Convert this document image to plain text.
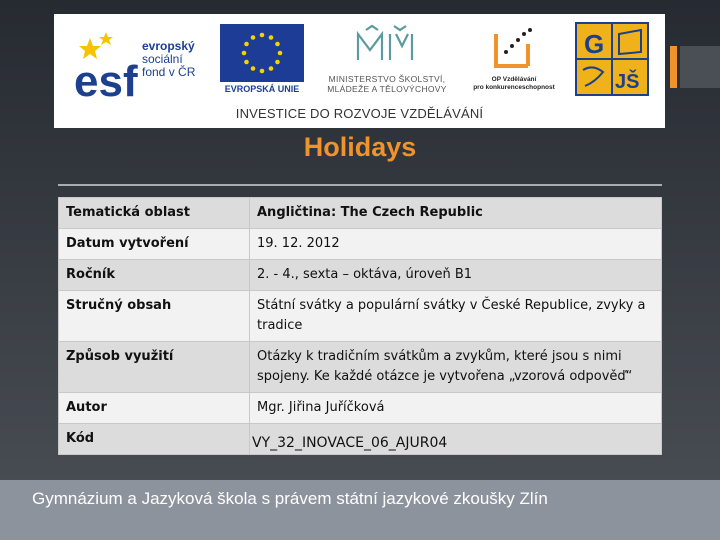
esf
evropský
sociální
fond v ČR
EVROPSKÁ UNIE
MINISTERSTVO ŠKOLSTVÍ,
MLÁDEŽE A TĚLOVÝCHOVY
OP Vzdělávání
pro konkurenceschopnost
G
JŠ
INVESTICE DO ROZVOJE VZDĚLÁVÁNÍ
Holidays
Tematická oblast	Angličtina: The Czech Republic
Datum vytvoření	19. 12. 2012
Ročník	2. - 4., sexta – oktáva, úroveň B1
Stručný obsah	Státní svátky a populární svátky v České Republice, zvyky a tradice
Způsob využití	Otázky k tradičním svátkům a zvykům, které jsou s nimi spojeny. Ke každé otázce je vytvořena „vzorová odpověď“
Autor	Mgr. Jiřina Juříčková
Kód	VY_32_INOVACE_06_AJUR04
Gymnázium a Jazyková škola s právem státní jazykové zkoušky Zlín
